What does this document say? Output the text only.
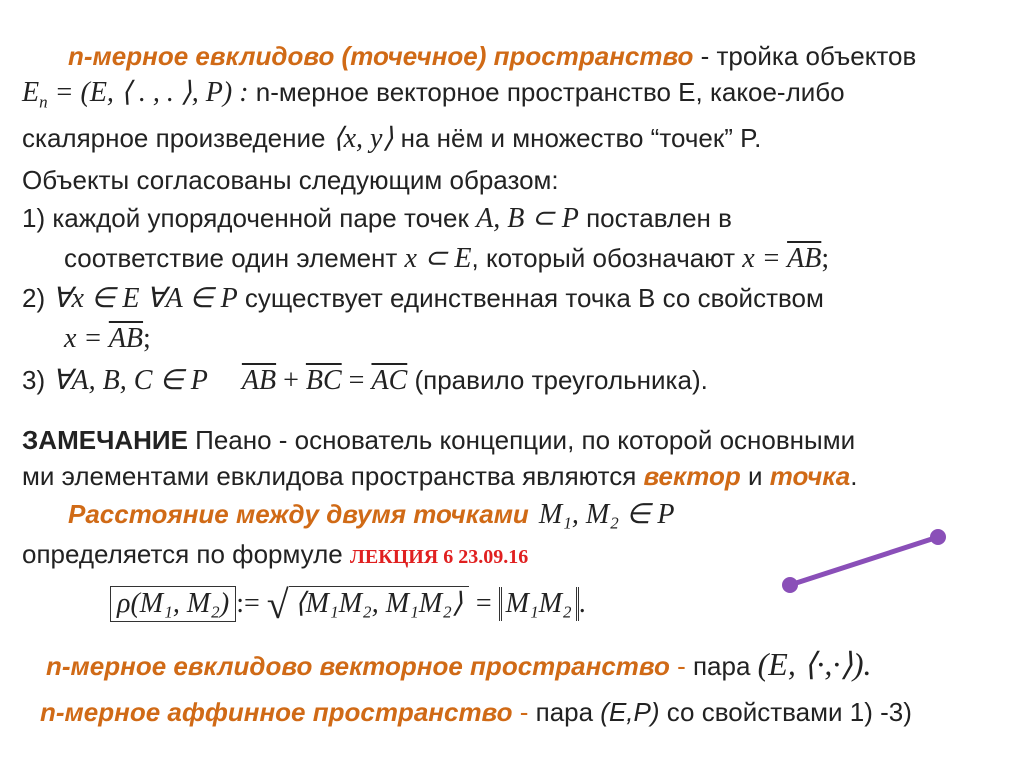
n-мерное евклидово (точечное) пространство - тройка объектов
$E_n = (E$, ⟨ . , . ⟩, P) : n-мерное векторное пространство E, какое-либо
скалярное произведение ⟨x, y⟩ на нём и множество “точек” P.
Объекты согласованы следующим образом:
1) каждой упорядоченной паре точек A, B ⊂ P поставлен в
соответствие один элемент x ⊂ E, который обозначают $x = \overline{AB}$;
2) ∀x ∈ E ∀A ∈ P существует единственная точка B со свойством
$x = \overline{AB}$;
3) ∀A, B, C ∈ P $\overline{AB} + \overline{BC} = \overline{AC}$ (правило треугольника).
ЗАМЕЧАНИЕ Пеано - основатель концепции, по которой основными
ми элементами евклидова пространства являются вектор и точка.
Расстояние между двумя точками M₁, M₂ ∈ P
определяется по формуле ЛЕКЦИЯ 6 23.09.16
ρ(M₁, M₂) := √ ⟨M₁M₂, M₁M₂⟩ = M₁M₂ .
n-мерное евклидово векторное пространство - пара (E, ⟨·,·⟩).
n-мерное аффинное пространство - пара (E,P) со свойствами 1) -3)
